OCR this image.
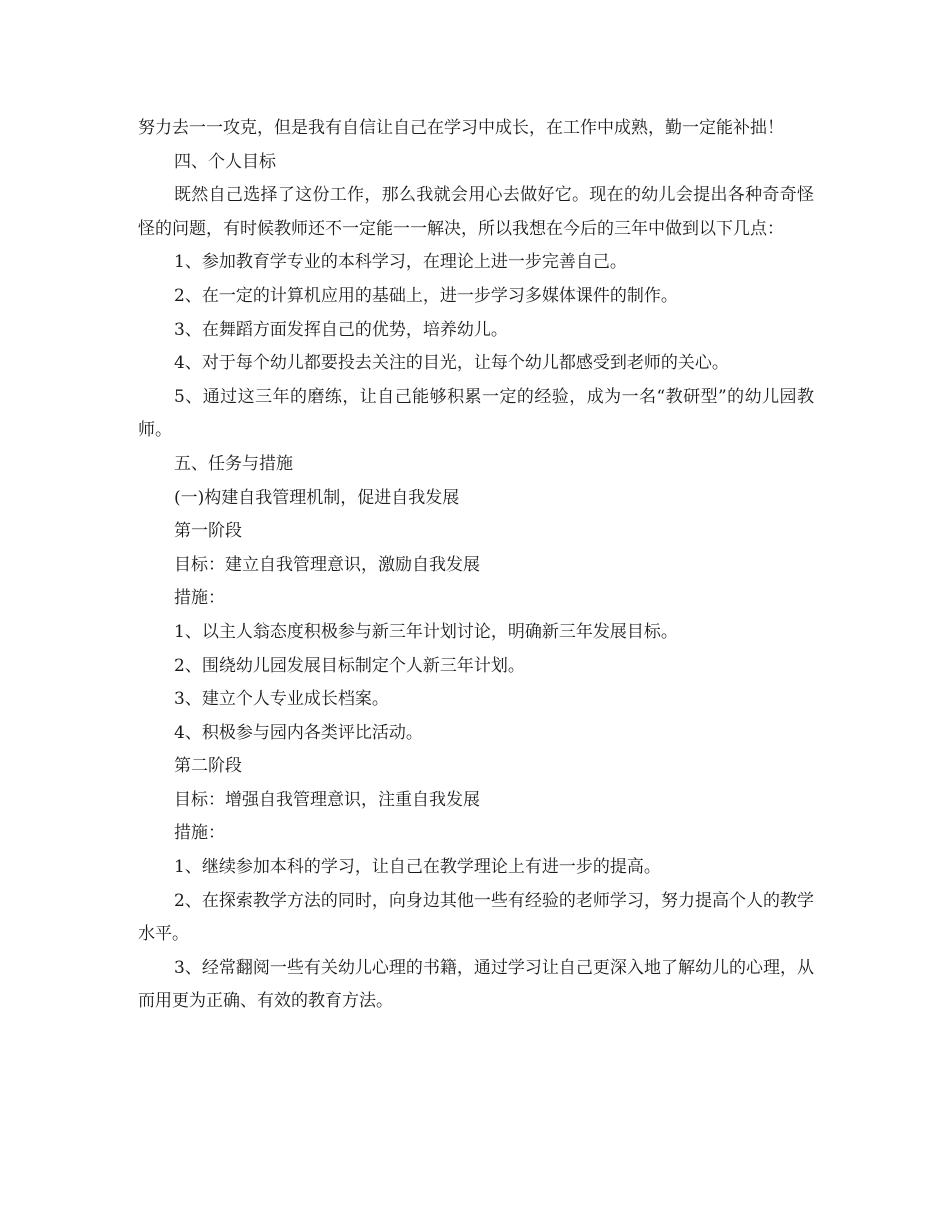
努力去一一攻克，但是我有自信让自己在学习中成长，在工作中成熟，勤一定能补拙！

四、个人目标

既然自己选择了这份工作，那么我就会用心去做好它。现在的幼儿会提出各种奇奇怪怪的问题，有时候教师还不一定能一一解决，所以我想在今后的三年中做到以下几点：

1、参加教育学专业的本科学习，在理论上进一步完善自己。

2、在一定的计算机应用的基础上，进一步学习多媒体课件的制作。

3、在舞蹈方面发挥自己的优势，培养幼儿。

4、对于每个幼儿都要投去关注的目光，让每个幼儿都感受到老师的关心。

5、通过这三年的磨练，让自己能够积累一定的经验，成为一名“教研型”的幼儿园教师。

五、任务与措施

(一)构建自我管理机制，促进自我发展

第一阶段

目标：建立自我管理意识，激励自我发展

措施：

1、以主人翁态度积极参与新三年计划讨论，明确新三年发展目标。

2、围绕幼儿园发展目标制定个人新三年计划。

3、建立个人专业成长档案。

4、积极参与园内各类评比活动。

第二阶段

目标：增强自我管理意识，注重自我发展

措施：

1、继续参加本科的学习，让自己在教学理论上有进一步的提高。

2、在探索教学方法的同时，向身边其他一些有经验的老师学习，努力提高个人的教学水平。

3、经常翻阅一些有关幼儿心理的书籍，通过学习让自己更深入地了解幼儿的心理，从而用更为正确、有效的教育方法。
